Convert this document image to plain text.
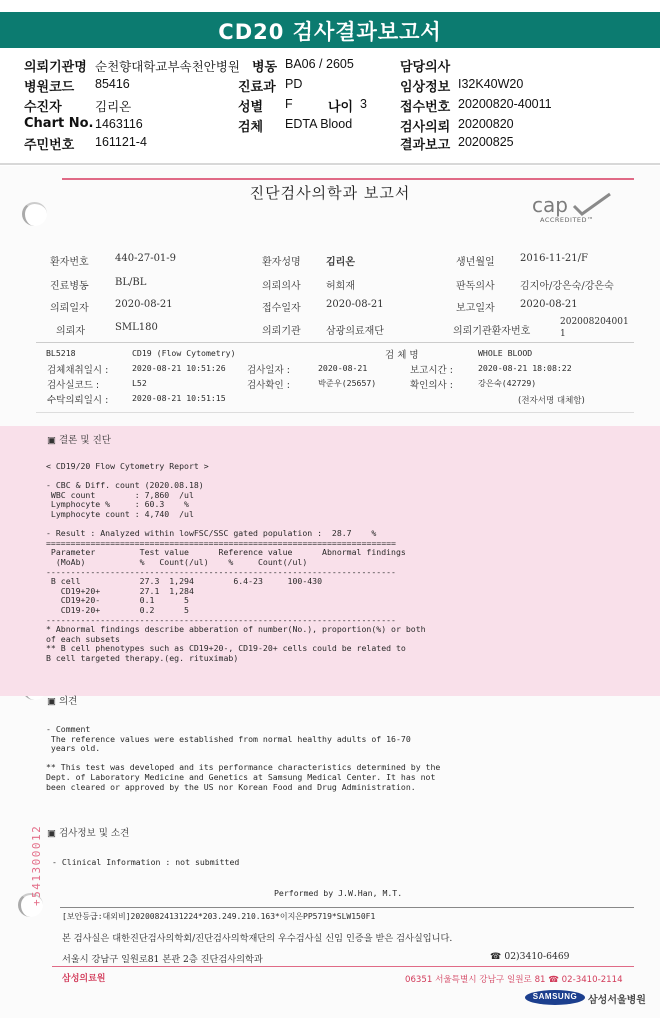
CD20 검사결과보고서
의뢰기관명 순천향대학교부속천안병원 병동 BA06 / 2605	담당의사
병원코드 85416	진료과 PD	임상정보 I32K40W20
수진자	김리온	성별 F	나이 3	접수번호 20200820-40011
Chart No. 1463116	검체 EDTA Blood	검사의뢰 20200820
주민번호 161121-4	결과보고 20200825
진단검사의학과 보고서	cap
ACCREDITED™
환자번호	440-27-01-9	환자성명	김리온	생년월일	2016-11-21/F
진료병동	BL/BL	의뢰의사	허희재	판독의사	김지아/강은숙/강은숙
의뢰일자	2020-08-21	접수일자	2020-08-21	보고일자	2020-08-21
의뢰자	SML180	의뢰기관	삼광의료재단	의뢰기관환자번호
202008204001
1
BL5218	CD19 (Flow Cytometry)	검 체 명	WHOLE BLOOD
검체채취일시 :	2020-08-21 10:51:26 검사일자 :	2020-08-21	보고시간 :	2020-08-21 18:08:22
검사실코드 :	L52	검사확인 :	박준우(25657)	확인의사 :	강은숙(42729)
수탁의뢰일시 :	2020-08-21 10:51:15	(전자서명 대체함)
▣ 결론 및 진단
< CD19/20 Flow Cytometry Report >

- CBC & Diff. count (2020.08.18)
WBC count        : 7,860  /ul
Lymphocyte %     : 60.3    %
Lymphocyte count : 4,740  /ul

- Result : Analyzed within lowFSC/SSC gated population :  28.7    %
=======================================================================
Parameter         Test value      Reference value      Abnormal findings
(MoAb)           %   Count(/ul)    %     Count(/ul)
-----------------------------------------------------------------------
B cell            27.3  1,294        6.4-23     100-430
CD19+20+        27.1  1,284
CD19+20-        0.1      5
CD19-20+        0.2      5
-----------------------------------------------------------------------
* Abnormal findings describe abberation of number(No.), proportion(%) or both
of each subsets
** B cell phenotypes such as CD19+20-, CD19-20+ cells could be related to
B cell targeted therapy.(eg. rituximab)
▣ 의견
- Comment
The reference values were established from normal healthy adults of 16-70
years old.

** This test was developed and its performance characteristics determined by the
Dept. of Laboratory Medicine and Genetics at Samsung Medical Center. It has not
been cleared or approved by the US nor Korean Food and Drug Administration.
+541300012 ▣ 검사정보 및 소견
- Clinical Information : not submitted
Performed by J.W.Han, M.T.
[보안등급:대외비]20200824131224*203.249.210.163*이지은PP5719*SLW150F1
본 검사실은 대한진단검사의학회/진단검사의학재단의 우수검사실 신임 인증을 받은 검사실입니다.
서울시 강남구 일원로81 본관 2층 진단검사의학과	☎ 02)3410-6469
삼성의료원	06351 서울특별시 강남구 일원로 81 ☎ 02-3410-2114
SAMSUNG	삼성서울병원
